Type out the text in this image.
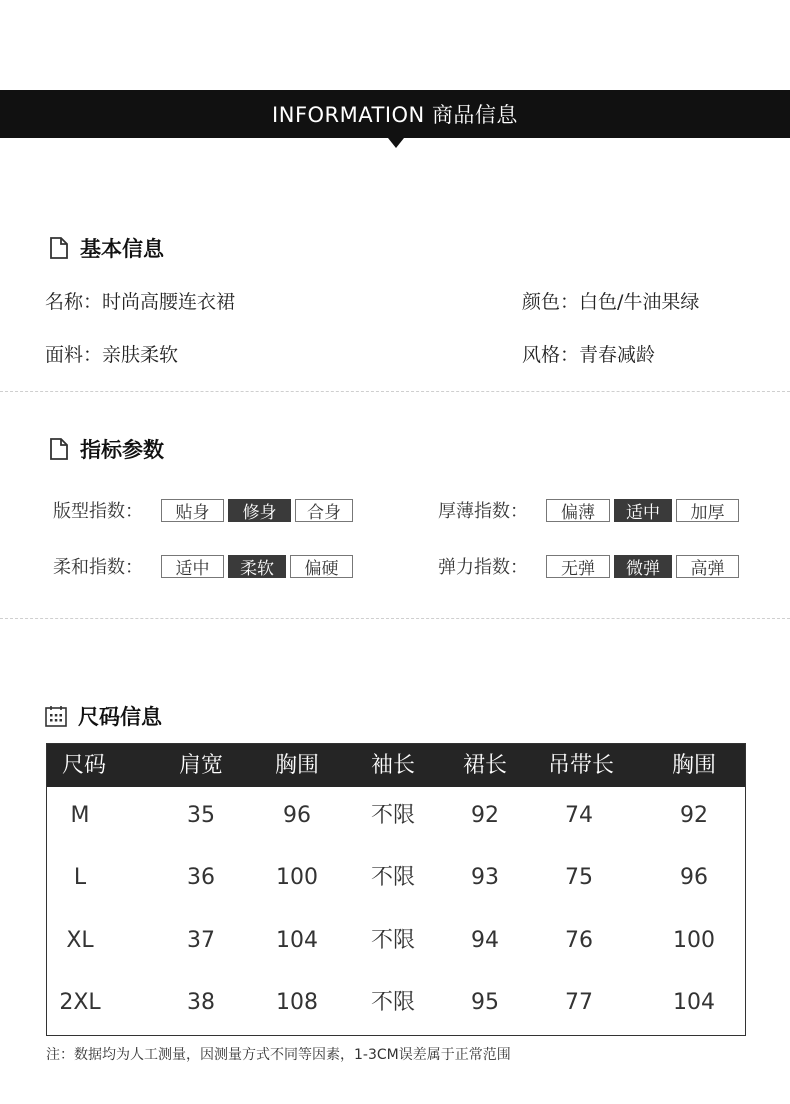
INFORMATION 商品信息
基本信息
名称：时尚高腰连衣裙	颜色：白色/牛油果绿
面料：亲肤柔软	风格：青春减龄
指标参数
版型指数：	贴身	修身	合身	厚薄指数：	偏薄	适中	加厚
柔和指数：	适中	柔软	偏硬	弹力指数：	无弹	微弹	高弹
尺码信息
尺码	肩宽	胸围	袖长	裙长	吊带长	胸围
M	35	96	不限	92	74	92
L	36	100	不限	93	75	96
XL	37	104	不限	94	76	100
2XL	38	108	不限	95	77	104
注：数据均为人工测量，因测量方式不同等因素，1-3CM误差属于正常范围
